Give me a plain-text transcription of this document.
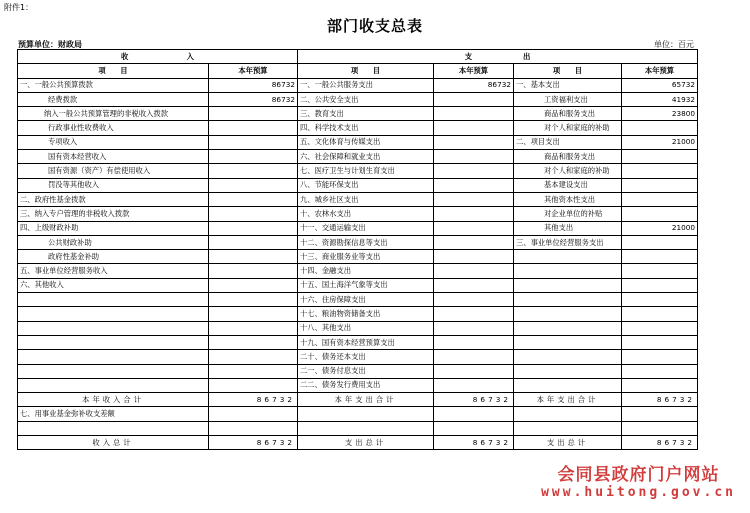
附件1：
部门收支总表
预算单位：财政局	单位：百元
收　　　　　　　　入		支　　　　　　　出			
项　　目	本年预算	项　　目	本年预算	项　　目	本年预算
一、一般公共预算拨款	86732	一、一般公共服务支出	86732	一、基本支出	65732
经费拨款	86732	二、公共安全支出		工资福利支出	41932
纳入一般公共预算管理的非税收入拨款		三、教育支出		商品和服务支出	23800
行政事业性收费收入		四、科学技术支出		对个人和家庭的补助	
专项收入		五、文化体育与传媒支出		二、项目支出	21000
国有资本经营收入		六、社会保障和就业支出		商品和服务支出	
国有资源（资产）有偿使用收入		七、医疗卫生与计划生育支出		对个人和家庭的补助	
罚没等其他收入		八、节能环保支出		基本建设支出	
二、政府性基金拨款		九、城乡社区支出		其他资本性支出	
三、纳入专户管理的非税收入拨款		十、农林水支出		对企业单位的补贴	
四、上级财政补助		十一、交通运输支出		其他支出	21000
公共财政补助		十二、资源勘探信息等支出		三、事业单位经营服务支出	
政府性基金补助		十三、商业服务业等支出			
五、事业单位经营服务收入		十四、金融支出			
六、其他收入		十五、国土海洋气象等支出			
		十六、住房保障支出			
		十七、粮油物资储备支出			
		十八、其他支出			
		十九、国有资本经营预算支出			
		二十、债务还本支出			
		二一、债务付息支出			
		二二、债务发行费用支出			
本年收入合计	86732	本年支出合计	86732	本年支出合计	86732
七、用事业基金弥补收支差额					

收入总计	86732	支出总计	86732	支出总计	86732
会同县政府门户网站
www.huitong.gov.cn
